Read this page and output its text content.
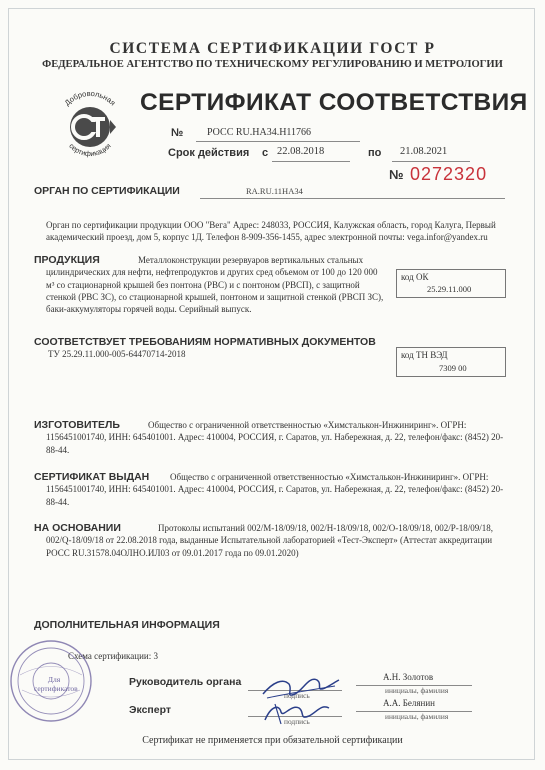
СИСТЕМА СЕРТИФИКАЦИИ ГОСТ Р
ФЕДЕРАЛЬНОЕ АГЕНТСТВО ПО ТЕХНИЧЕСКОМУ РЕГУЛИРОВАНИЮ И МЕТРОЛОГИИ
Добровольная
сертификация
СЕРТИФИКАТ СООТВЕТСТВИЯ
№ РОСС RU.НА34.Н11766
Срок действия с 22.08.2018	по 21.08.2021
№ 0272320
ОРГАН ПО СЕРТИФИКАЦИИ	RA.RU.11НА34
Орган по сертификации продукции ООО "Вега" Адрес: 248033, РОССИЯ, Калужская область, город Калуга, Первый академический проезд, дом 5, корпус 1Д. Телефон 8-909-356-1455, адрес электронной почты: vega.infor@yandex.ru
ПРОДУКЦИЯ	Металлоконструкции резервуаров вертикальных стальных цилиндрических для нефти, нефтепродуктов и других сред объемом от 100 до 120 000 м³ со стационарной крышей без понтона (РВС) и с понтоном (РВСП), с защитной стенкой (РВС ЗС), со стационарной крышей, понтоном и защитной стенкой (РВСП ЗС), баки-аккумуляторы горячей воды. Серийный выпуск.
код ОК
25.29.11.000
СООТВЕТСТВУЕТ ТРЕБОВАНИЯМ НОРМАТИВНЫХ ДОКУМЕНТОВ
ТУ 25.29.11.000-005-64470714-2018	код ТН ВЭД
7309 00
ИЗГОТОВИТЕЛЬ	Общество с ограниченной ответственностью «Химсталькон-Инжиниринг». ОГРН: 1156451001740, ИНН: 645401001. Адрес: 410004, РОССИЯ, г. Саратов, ул. Набережная, д. 22, телефон/факс: (8452) 20-88-44.
СЕРТИФИКАТ ВЫДАН	Общество с ограниченной ответственностью «Химсталькон-Инжиниринг». ОГРН: 1156451001740, ИНН: 645401001. Адрес: 410004, РОССИЯ, г. Саратов, ул. Набережная, д. 22, телефон/факс: (8452) 20-88-44.
НА ОСНОВАНИИ	Протоколы испытаний 002/М-18/09/18, 002/Н-18/09/18, 002/О-18/09/18, 002/Р-18/09/18, 002/Q-18/09/18 от 22.08.2018 года, выданные Испытательной лабораторией «Тест-Эксперт» (Аттестат аккредитации РОСС RU.31578.04ОЛНО.ИЛ03 от 09.01.2017 года по 09.01.2020)
ДОПОЛНИТЕЛЬНАЯ ИНФОРМАЦИЯ
Схема сертификации: 3
Для сертификатов
Руководитель органа
подпись
А.Н. Золотов
инициалы, фамилия
Эксперт
подпись
А.А. Белянин
инициалы, фамилия
Сертификат не применяется при обязательной сертификации
